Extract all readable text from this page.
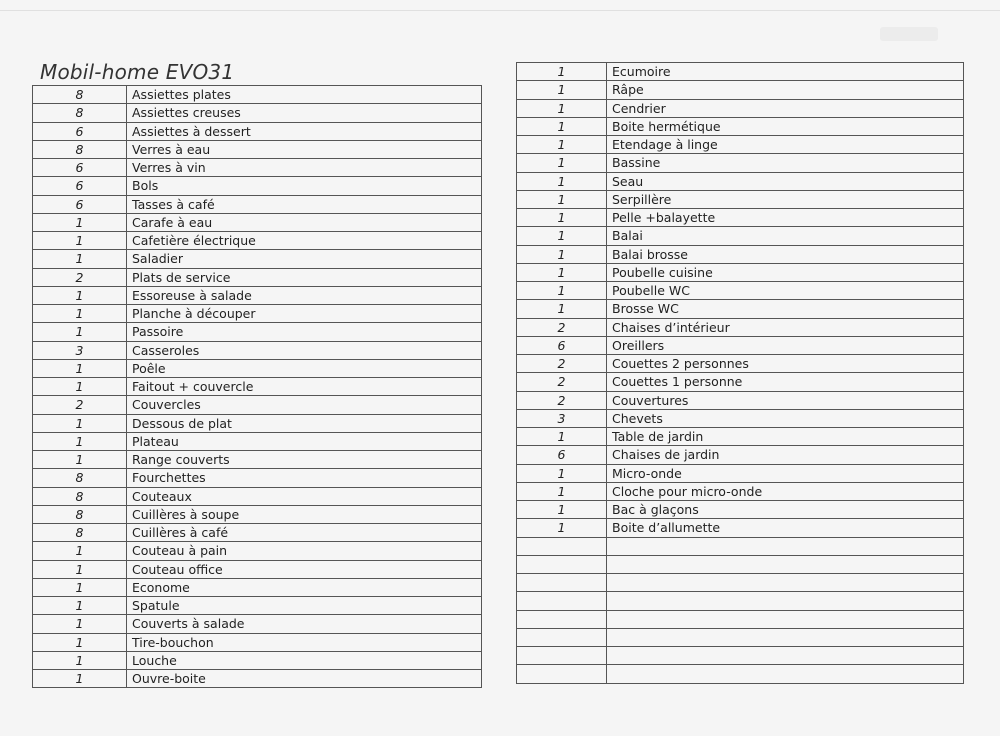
Mobil-home EVO31
8	Assiettes plates
8	Assiettes creuses
6	Assiettes à dessert
8	Verres à eau
6	Verres à vin
6	Bols
6	Tasses à café
1	Carafe à eau
1	Cafetière électrique
1	Saladier
2	Plats de service
1	Essoreuse à salade
1	Planche à découper
1	Passoire
3	Casseroles
1	Poêle
1	Faitout + couvercle
2	Couvercles
1	Dessous de plat
1	Plateau
1	Range couverts
8	Fourchettes
8	Couteaux
8	Cuillères à soupe
8	Cuillères à café
1	Couteau à pain
1	Couteau office
1	Econome
1	Spatule
1	Couverts à salade
1	Tire-bouchon
1	Louche
1	Ouvre-boite
1	Ecumoire
1	Râpe
1	Cendrier
1	Boite hermétique
1	Etendage à linge
1	Bassine
1	Seau
1	Serpillère
1	Pelle +balayette
1	Balai
1	Balai brosse
1	Poubelle cuisine
1	Poubelle WC
1	Brosse WC
2	Chaises d’intérieur
6	Oreillers
2	Couettes 2 personnes
2	Couettes 1 personne
2	Couvertures
3	Chevets
1	Table de jardin
6	Chaises de jardin
1	Micro-onde
1	Cloche pour micro-onde
1	Bac à glaçons
1	Boite d’allumette
